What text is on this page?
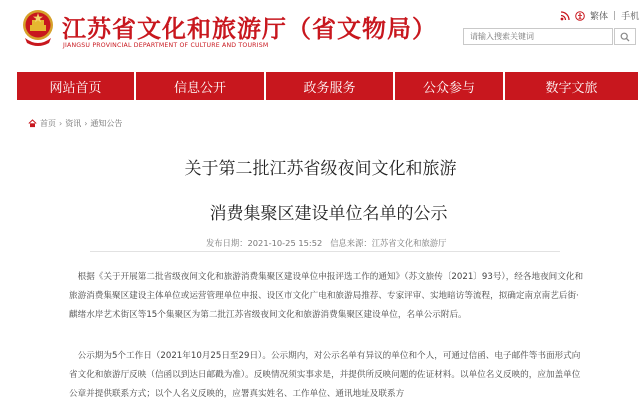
江苏省文化和旅游厅（省文物局）
JIANGSU PROVINCIAL DEPARTMENT OF CULTURE AND TOURISM
繁体 | 手机
请输入搜索关键词
网站首页	信息公开	政务服务	公众参与	数字文旅
首页 › 资讯 › 通知公告
关于第二批江苏省级夜间文化和旅游
消费集聚区建设单位名单的公示
发布日期：2021-10-25 15:52 信息来源：江苏省文化和旅游厅
 根据《关于开展第二批省级夜间文化和旅游消费集聚区建设单位申报评选工作的通知》（苏文旅传〔2021〕93号），经各地夜间文化和旅游消费集聚区建设主体单位或运营管理单位申报、设区市文化广电和旅游局推荐、专家评审、实地暗访等流程，拟确定南京南艺后街·麒绪水岸艺术街区等15个集聚区为第二批江苏省级夜间文化和旅游消费集聚区建设单位，名单公示附后。
 公示期为5个工作日（2021年10月25日至29日）。公示期内，对公示名单有异议的单位和个人，可通过信函、电子邮件等书面形式向省文化和旅游厅反映（信函以到达日邮戳为准）。反映情况须实事求是，并提供所反映问题的佐证材料。以单位名义反映的，应加盖单位公章并提供联系方式；以个人名义反映的，应署真实姓名、工作单位、通讯地址及联系方
